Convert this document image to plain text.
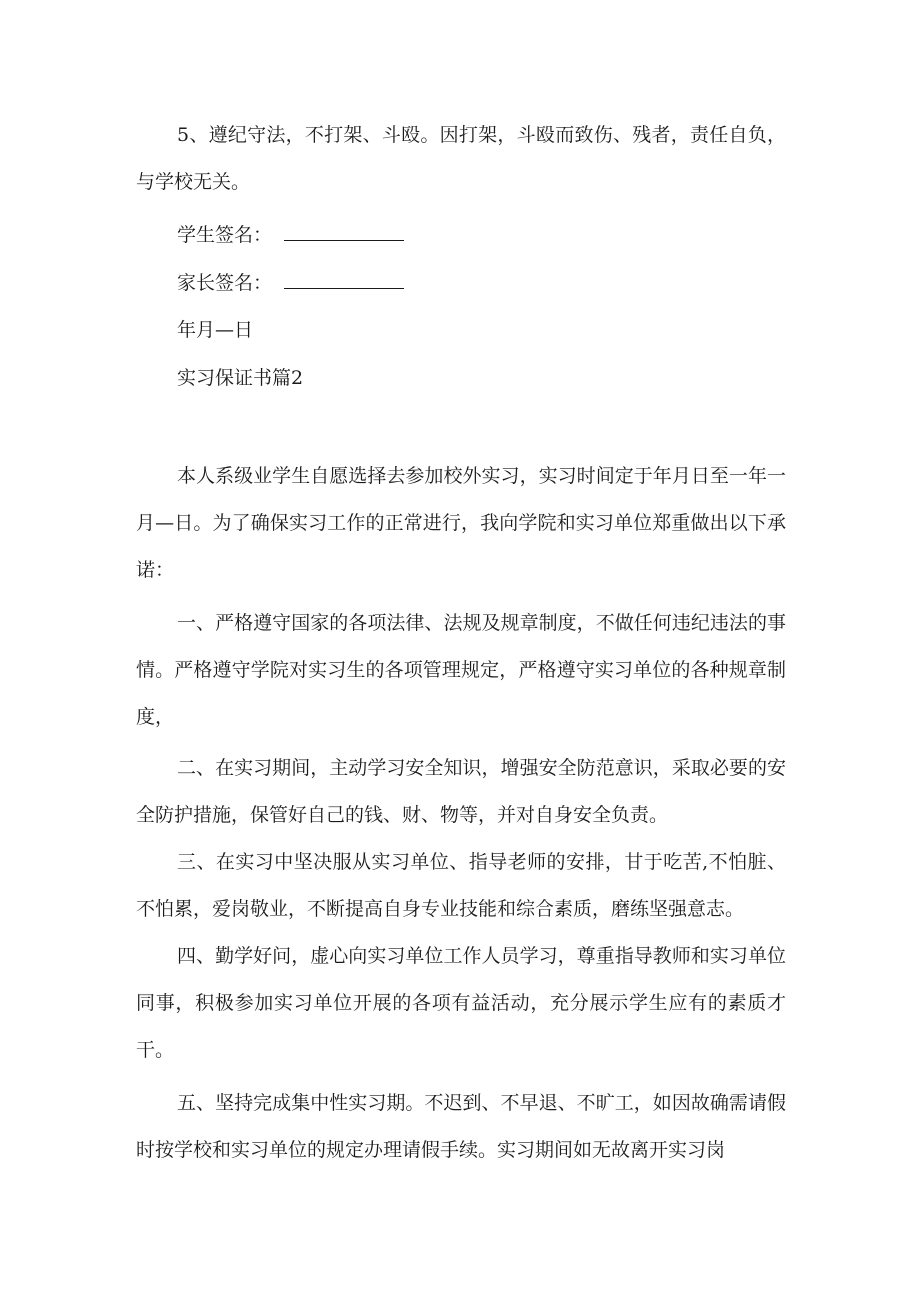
5、遵纪守法，不打架、斗殴。因打架，斗殴而致伤、残者，责任自负，与学校无关。

学生签名：

家长签名：

年月—日

实习保证书篇2

本人系级业学生自愿选择去参加校外实习，实习时间定于年月日至一年一月—日。为了确保实习工作的正常进行，我向学院和实习单位郑重做出以下承诺：

一、严格遵守国家的各项法律、法规及规章制度，不做任何违纪违法的事情。严格遵守学院对实习生的各项管理规定，严格遵守实习单位的各种规章制度，

二、在实习期间，主动学习安全知识，增强安全防范意识，采取必要的安全防护措施，保管好自己的钱、财、物等，并对自身安全负责。

三、在实习中坚决服从实习单位、指导老师的安排，甘于吃苦,不怕脏、不怕累，爱岗敬业，不断提高自身专业技能和综合素质，磨练坚强意志。

四、勤学好问，虚心向实习单位工作人员学习，尊重指导教师和实习单位同事，积极参加实习单位开展的各项有益活动，充分展示学生应有的素质才干。

五、坚持完成集中性实习期。不迟到、不早退、不旷工，如因故确需请假时按学校和实习单位的规定办理请假手续。实习期间如无故离开实习岗
